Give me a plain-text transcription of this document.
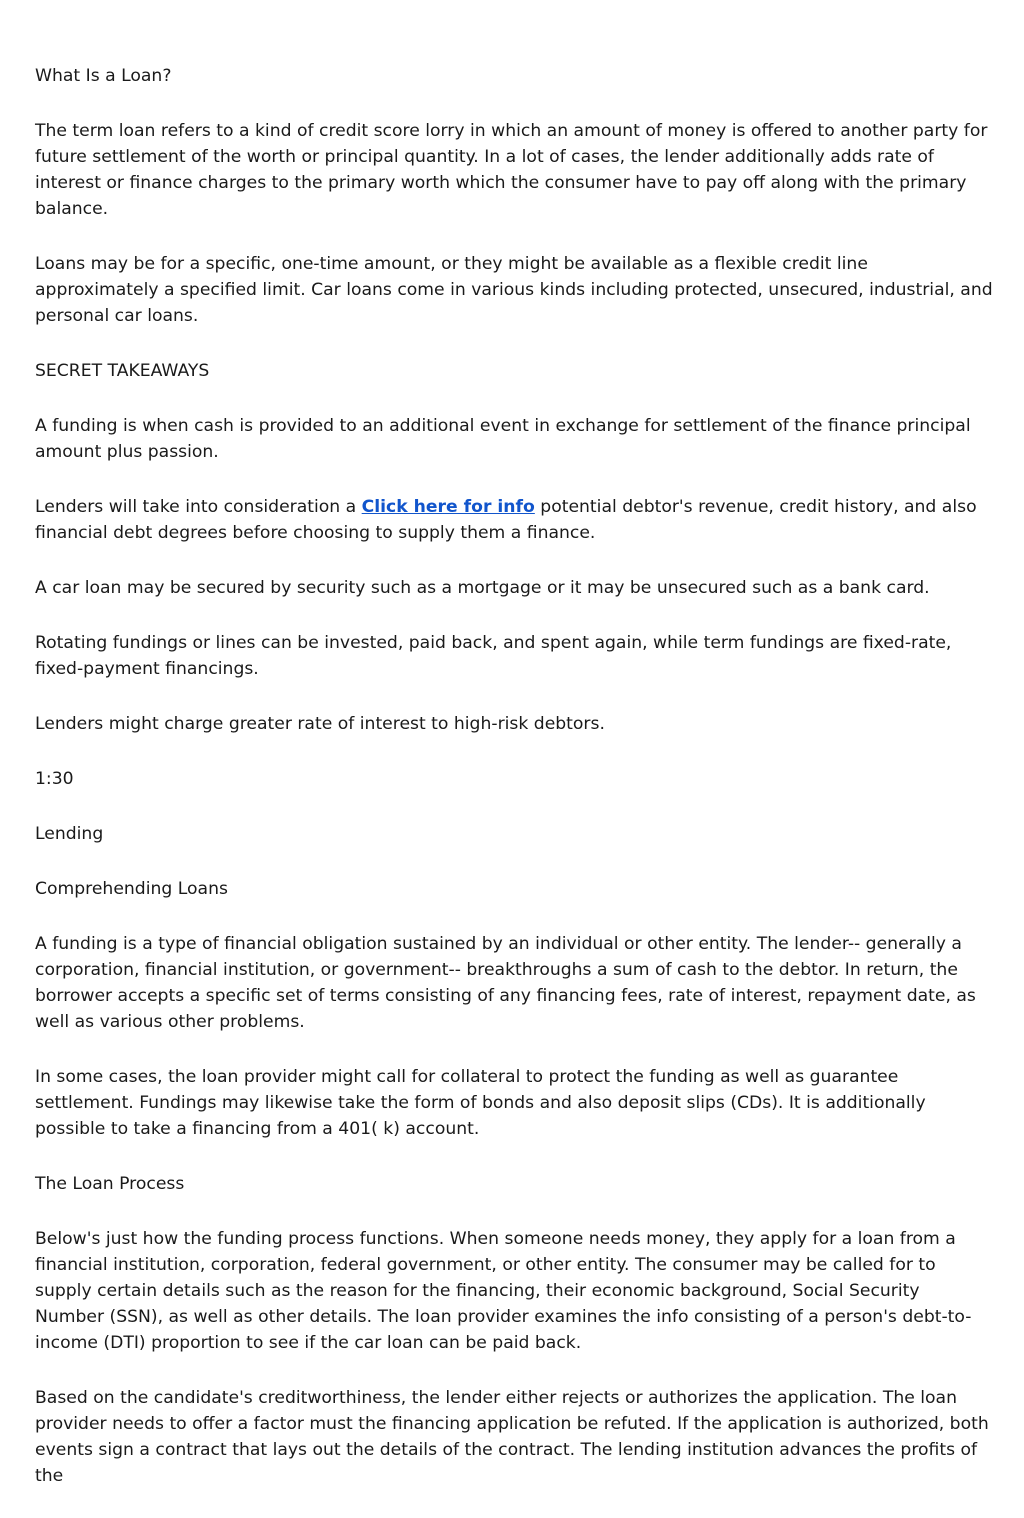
What Is a Loan?

The term loan refers to a kind of credit score lorry in which an amount of money is offered to another party for future settlement of the worth or principal quantity. In a lot of cases, the lender additionally adds rate of interest or finance charges to the primary worth which the consumer have to pay off along with the primary balance.

Loans may be for a specific, one-time amount, or they might be available as a flexible credit line approximately a specified limit. Car loans come in various kinds including protected, unsecured, industrial, and personal car loans.

SECRET TAKEAWAYS

A funding is when cash is provided to an additional event in exchange for settlement of the finance principal amount plus passion.

Lenders will take into consideration a Click here for info potential debtor's revenue, credit history, and also financial debt degrees before choosing to supply them a finance.

A car loan may be secured by security such as a mortgage or it may be unsecured such as a bank card.

Rotating fundings or lines can be invested, paid back, and spent again, while term fundings are fixed-rate, fixed-payment financings.

Lenders might charge greater rate of interest to high-risk debtors.

1:30

Lending

Comprehending Loans

A funding is a type of financial obligation sustained by an individual or other entity. The lender-- generally a corporation, financial institution, or government-- breakthroughs a sum of cash to the debtor. In return, the borrower accepts a specific set of terms consisting of any financing fees, rate of interest, repayment date, as well as various other problems.

In some cases, the loan provider might call for collateral to protect the funding as well as guarantee settlement. Fundings may likewise take the form of bonds and also deposit slips (CDs). It is additionally possible to take a financing from a 401( k) account.

The Loan Process

Below's just how the funding process functions. When someone needs money, they apply for a loan from a financial institution, corporation, federal government, or other entity. The consumer may be called for to supply certain details such as the reason for the financing, their economic background, Social Security Number (SSN), as well as other details. The loan provider examines the info consisting of a person's debt-to-income (DTI) proportion to see if the car loan can be paid back.

Based on the candidate's creditworthiness, the lender either rejects or authorizes the application. The loan provider needs to offer a factor must the financing application be refuted. If the application is authorized, both events sign a contract that lays out the details of the contract. The lending institution advances the profits of the
